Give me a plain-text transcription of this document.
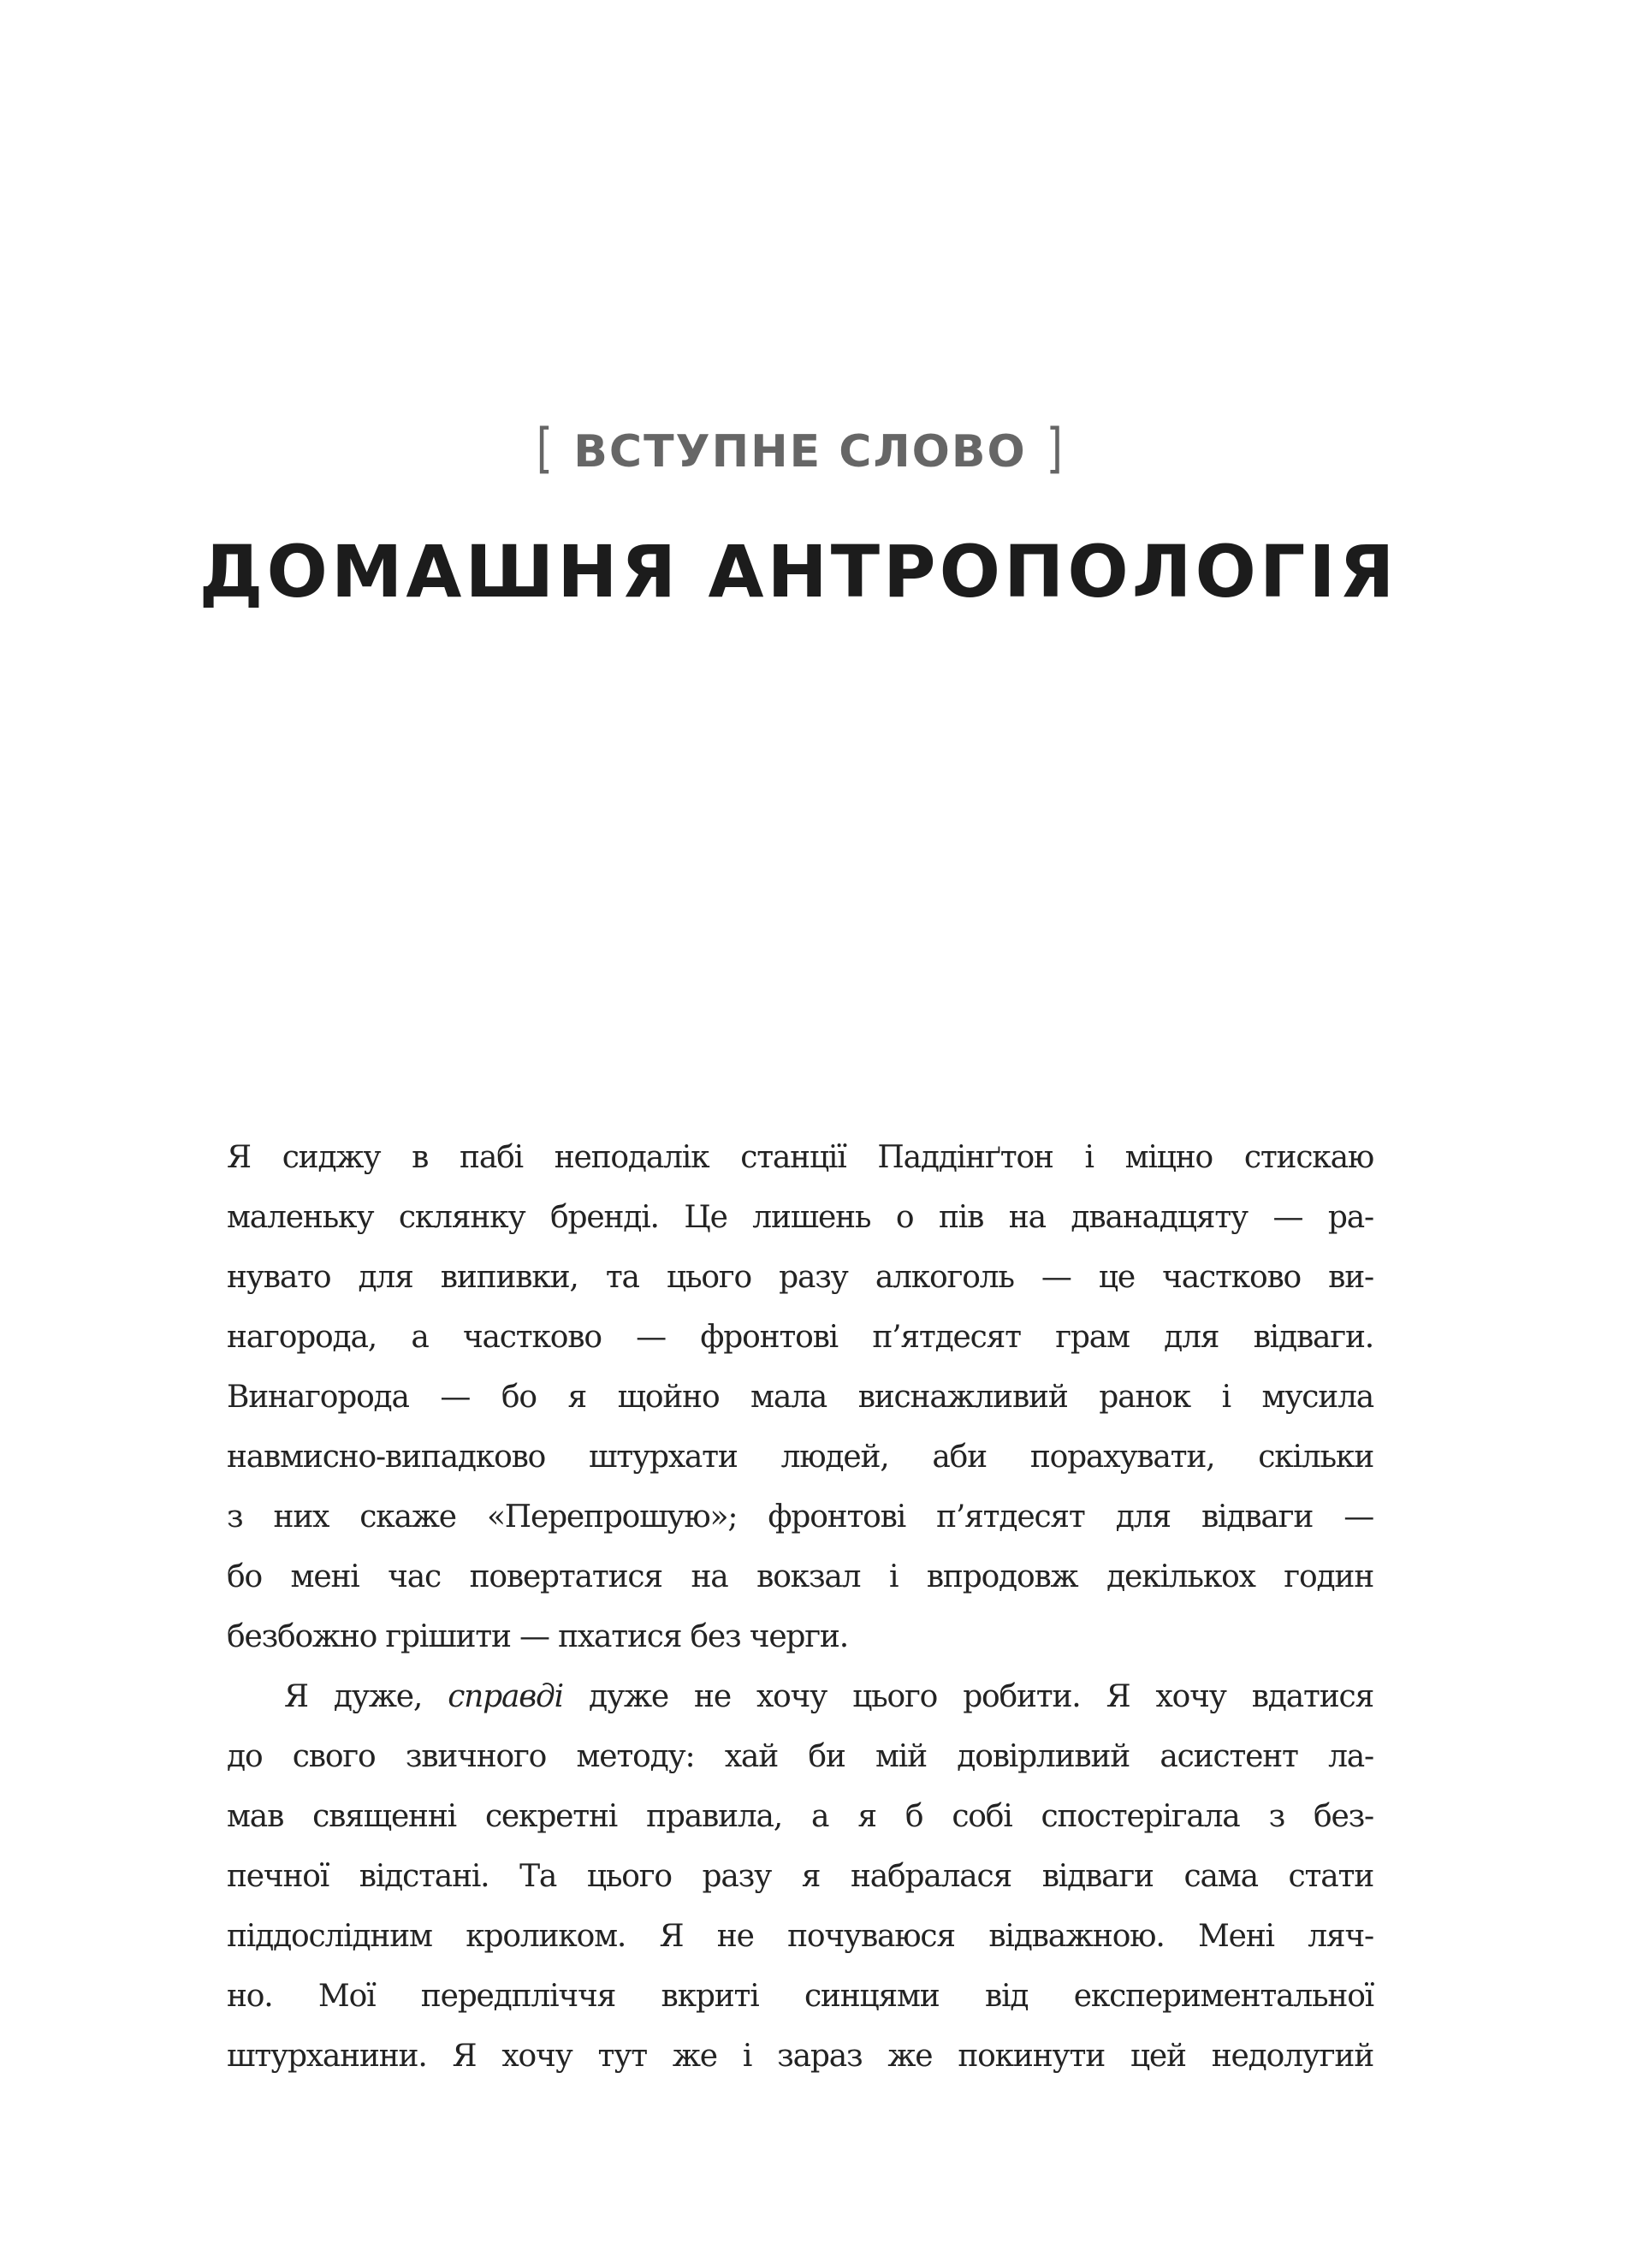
[ ВСТУПНЕ СЛОВО ]
ДОМАШНЯ АНТРОПОЛОГІЯ
Я сиджу в пабі неподалік станції Паддінґтон і міцно стискаю
маленьку склянку бренді. Це лишень о пів на дванадцяту — ра-
нувато для випивки, та цього разу алкоголь — це частково ви-
нагорода, а частково — фронтові п’ятдесят грам для відваги.
Винагорода — бо я щойно мала виснажливий ранок і мусила
навмисно-випадково штурхати людей, аби порахувати, скільки
з них скаже «Перепрошую»; фронтові п’ятдесят для відваги —
бо мені час повертатися на вокзал і впродовж декількох годин
безбожно грішити — пхатися без черги.
Я дуже, справді дуже не хочу цього робити. Я хочу вдатися
до свого звичного методу: хай би мій довірливий асистент ла-
мав священні секретні правила, а я б собі спостерігала з без-
печної відстані. Та цього разу я набралася відваги сама стати
піддослідним кроликом. Я не почуваюся відважною. Мені ляч-
но. Мої передпліччя вкриті синцями від експериментальної
штурханини. Я хочу тут же і зараз же покинути цей недолугий
